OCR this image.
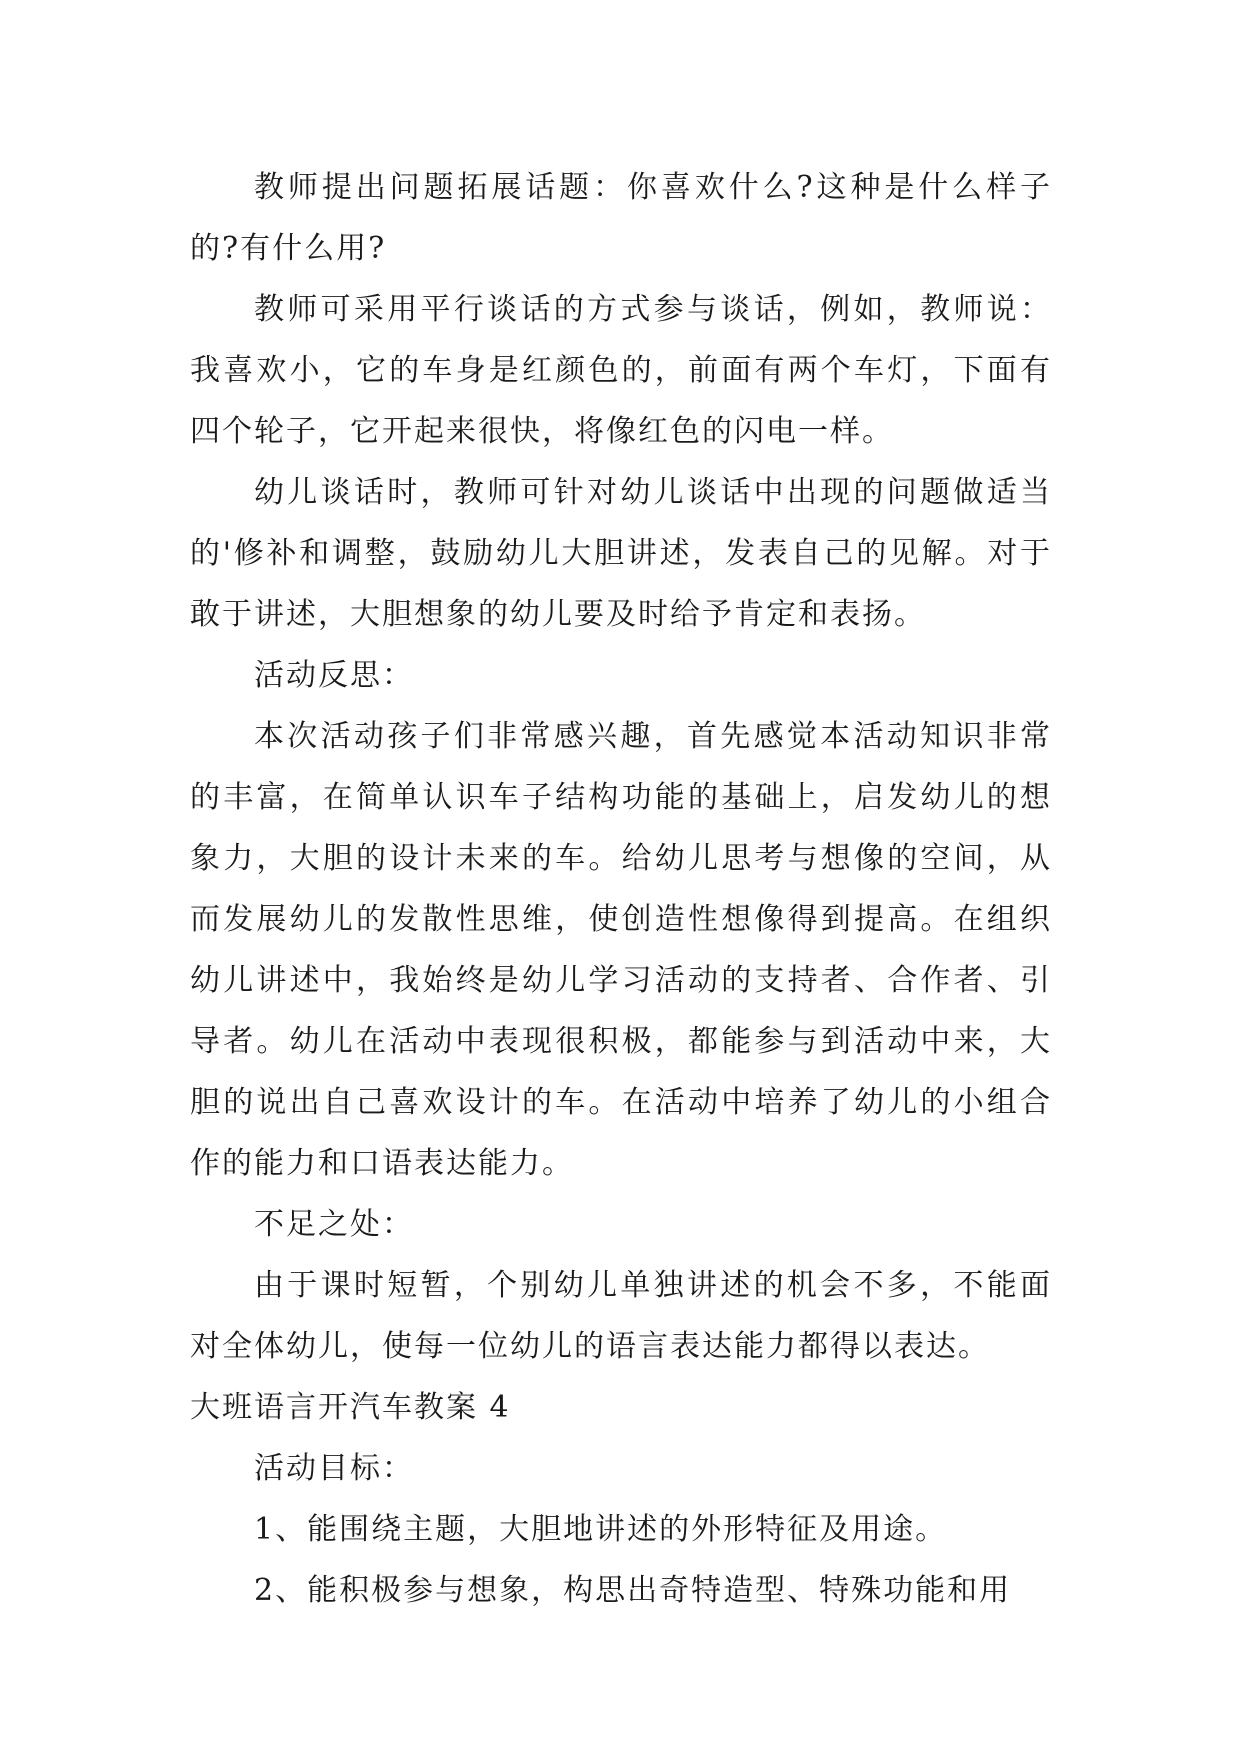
教师提出问题拓展话题：你喜欢什么?这种是什么样子的?有什么用?

教师可采用平行谈话的方式参与谈话，例如，教师说：我喜欢小，它的车身是红颜色的，前面有两个车灯，下面有四个轮子，它开起来很快，将像红色的闪电一样。

幼儿谈话时，教师可针对幼儿谈话中出现的问题做适当的'修补和调整，鼓励幼儿大胆讲述，发表自己的见解。对于敢于讲述，大胆想象的幼儿要及时给予肯定和表扬。

活动反思：

本次活动孩子们非常感兴趣，首先感觉本活动知识非常的丰富，在简单认识车子结构功能的基础上，启发幼儿的想象力，大胆的设计未来的车。给幼儿思考与想像的空间，从而发展幼儿的发散性思维，使创造性想像得到提高。在组织幼儿讲述中，我始终是幼儿学习活动的支持者、合作者、引导者。幼儿在活动中表现很积极，都能参与到活动中来，大胆的说出自己喜欢设计的车。在活动中培养了幼儿的小组合作的能力和口语表达能力。

不足之处：

由于课时短暂，个别幼儿单独讲述的机会不多，不能面对全体幼儿，使每一位幼儿的语言表达能力都得以表达。

大班语言开汽车教案 4

活动目标：

1、能围绕主题，大胆地讲述的外形特征及用途。

2、能积极参与想象，构思出奇特造型、特殊功能和用
